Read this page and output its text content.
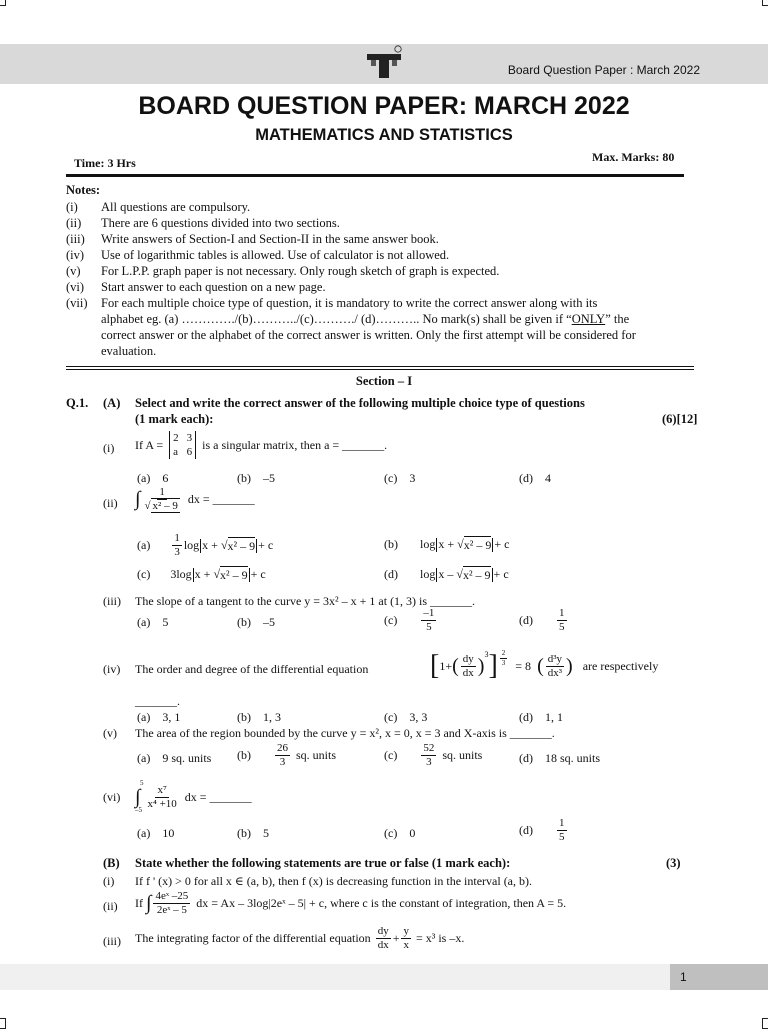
Board Question Paper : March 2022
BOARD QUESTION PAPER: MARCH 2022
MATHEMATICS AND STATISTICS
Time: 3 Hrs	Max. Marks: 80
Notes:
(i) All questions are compulsory.
(ii) There are 6 questions divided into two sections.
(iii) Write answers of Section-I and Section-II in the same answer book.
(iv) Use of logarithmic tables is allowed. Use of calculator is not allowed.
(v) For L.P.P. graph paper is not necessary. Only rough sketch of graph is expected.
(vi) Start answer to each question on a new page.
(vii) For each multiple choice type of question, it is mandatory to write the correct answer along with its
alphabet eg. (a) …………./(b)………../(c)………./ (d)……….. No mark(s) shall be given if “ONLY” the
correct answer or the alphabet of the correct answer is written. Only the first attempt will be considered for
evaluation.
Section – I
Q.1. (A) Select and write the correct answer of the following multiple choice type of questions
(1 mark each):	(6)[12]
(i) If A = 2 3
a 6
is a singular matrix, then a = _______.
(a) 6	(b) –5	(c) 3	(d) 4
(ii) ∫ $\frac{1}{\text{√ x² – 9}}$ dx = _______
$(a) \frac{1}{3}$ log x + √ x² – 9 + c	(b) log x + √ x² – 9 + c
(c) 3log x + √ x² – 9 + c	(d) log x – √ x² – 9 + c
(iii) The slope of a tangent to the curve y = 3x² – x + 1 at (1, 3) is _______.
(a) 5	(b) –5	$(c) \frac{-1}{5}$	$(d) \frac{1}{5}$
(iv) The order and degree of the differential equation [ 1+ ( $\frac{dy}{dx} )^3$ ] $\frac{2}{3} = 8$ ( $\frac{\text{d³y}}{\text{dx³}}$ ) are respectively
_______.
(a) 3, 1	(b) 1, 3	(c) 3, 3	(d) 1, 1
(v) The area of the region bounded by the curve y = x², x = 0, x = 3 and X-axis is _______.
(a) 9 sq. units $(b) \frac{26}{3}$ sq. units	$(c) \frac{52}{3}$ sq. units	(d) 18 sq. units
(vi)
5
∫
–5
$\frac{\text{x⁷}}{\text{x⁴ +10}}$ dx = _______
(a) 10	(b) 5	(c) 0	$(d) \frac{1}{5}$
(B) State whether the following statements are true or false (1 mark each):	(3)
(i) If f ' (x) > 0 for all x ∈ (a, b), then f (x) is decreasing function in the interval (a, b).
(ii) If
∫ $\frac{\text{4eˣ –25}}{\text{2eˣ – 5}}$ dx = Ax – 3log|2eˣ – 5| + c, where c is the constant of integration, then A = 5.
(iii) The integrating factor of the differential equation
$\frac{dy}{dx} + \frac{y}{x} = x^3$ is –x.
1
